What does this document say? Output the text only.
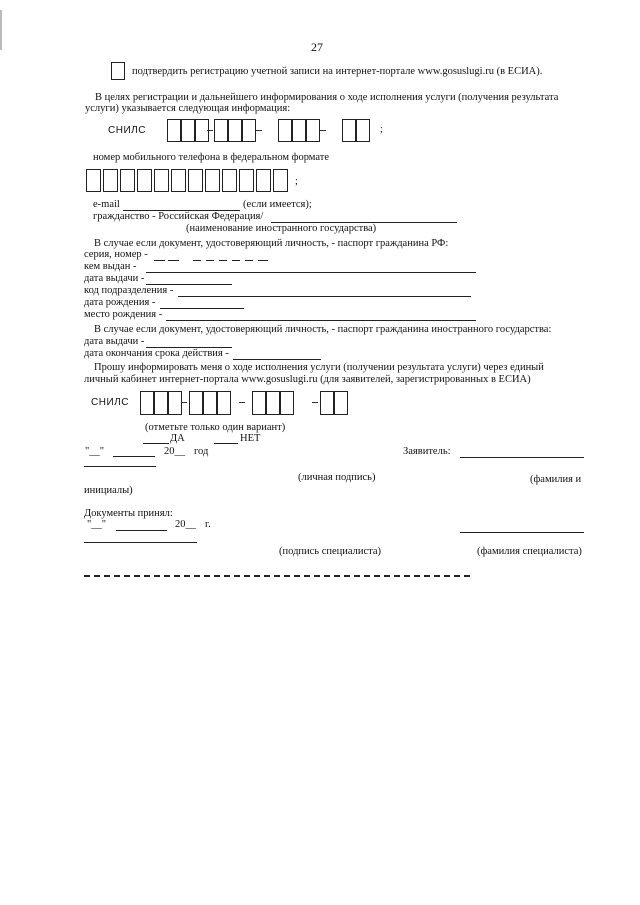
27
подтвердить регистрацию учетной записи на интернет-портале www.gosuslugi.ru (в ЕСИА).
В целях регистрации и дальнейшего информирования о ходе исполнения услуги (получения результата
услуги) указывается следующая информация:
СНИЛС	;
номер мобильного телефона в федеральном формате
;
e-mail	(если имеется);
гражданство - Российская Федерация/
(наименование иностранного государства)
В случае если документ, удостоверяющий личность, - паспорт гражданина РФ:
серия, номер -
кем выдан -
дата выдачи -
код подразделения -
дата рождения -
место рождения -
В случае если документ, удостоверяющий личность, - паспорт гражданина иностранного государства:
дата выдачи -
дата окончания срока действия -
Прошу информировать меня о ходе исполнения услуги (получении результата услуги) через единый
личный кабинет интернет-портала www.gosuslugi.ru (для заявителей, зарегистрированных в ЕСИА)
СНИЛС
(отметьте только один вариант)
ДА	НЕТ
"__"	20__ год	Заявитель:
(личная подпись)	(фамилия и
инициалы)
Документы принял:
"__"	20__ г.
(подпись специалиста)	(фамилия специалиста)
